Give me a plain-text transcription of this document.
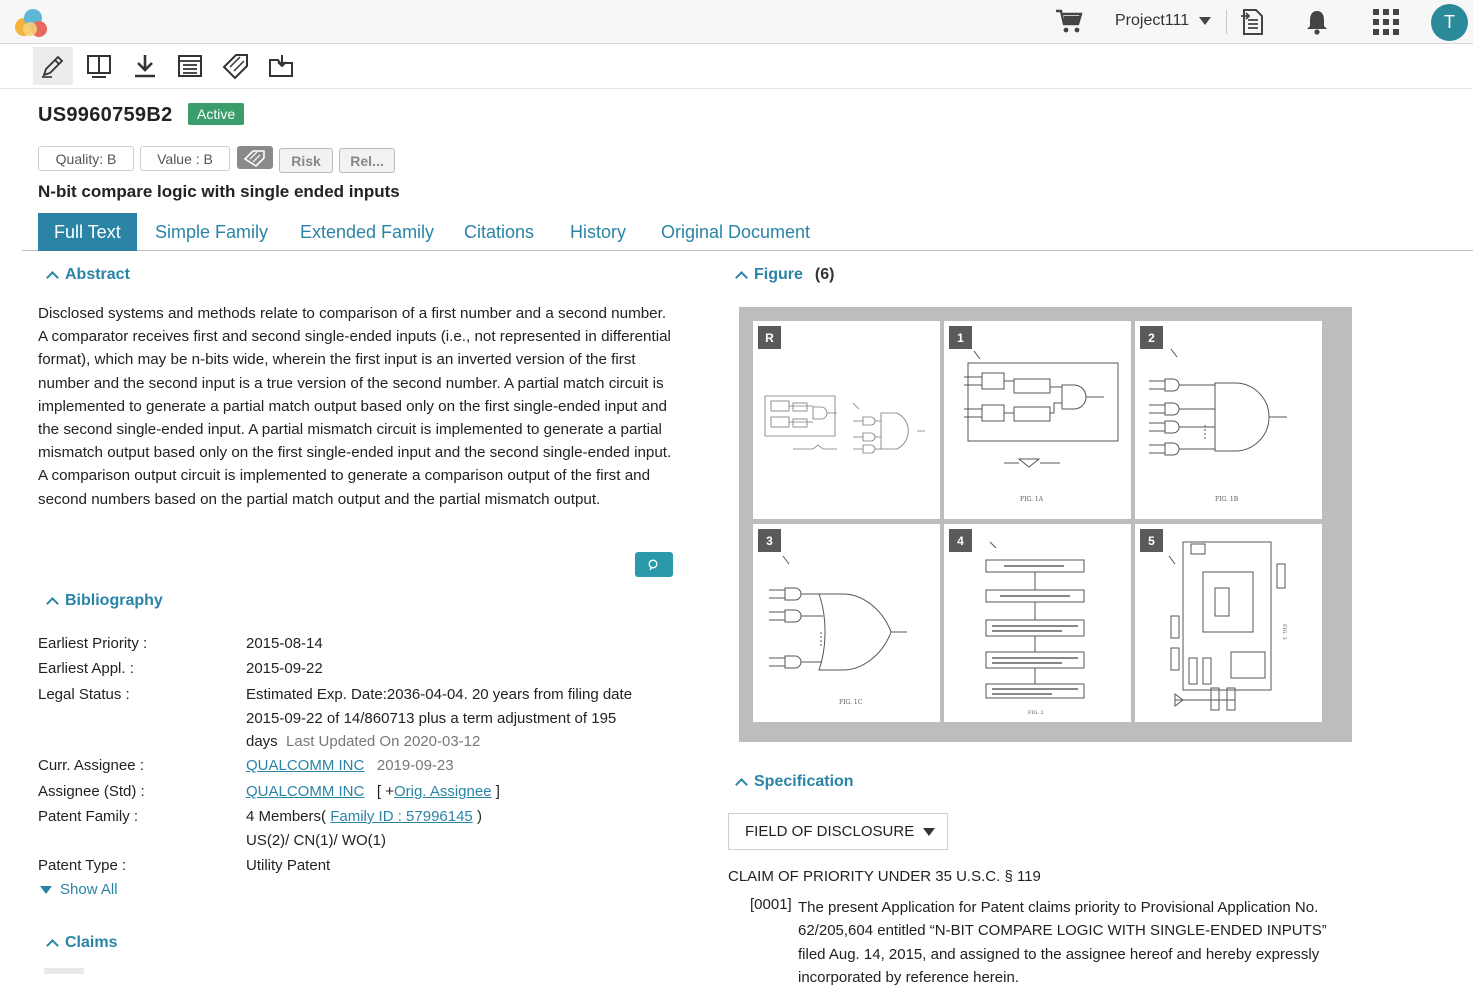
Project111	T
US9960759B2	Active
Quality: B	Value : B	Risk	Rel...
N-bit compare logic with single ended inputs
Full Text	Simple Family	Extended Family	Citations	History	Original Document
Abstract
Disclosed systems and methods relate to comparison of a first number and a second number. A comparator receives first and second single-ended inputs (i.e., not represented in differential format), which may be n-bits wide, wherein the first input is an inverted version of the first number and the second input is a true version of the second number. A partial match circuit is implemented to generate a partial match output based only on the first single-ended input and the second single-ended input. A partial mismatch circuit is implemented to generate a partial mismatch output based only on the first single-ended input and the second single-ended input. A comparison output circuit is implemented to generate a comparison output of the first and second numbers based on the partial match output and the partial mismatch output.
Bibliography
Earliest Priority :	2015-08-14
Earliest Appl. :	2015-09-22
Legal Status :	Estimated Exp. Date:2036-04-04. 20 years from filing date
2015-09-22 of 14/860713 plus a term adjustment of 195
days Last Updated On 2020-03-12
Curr. Assignee :	QUALCOMM INC 2019-09-23
Assignee (Std) :	QUALCOMM INC [ +Orig. Assignee ]
Patent Family :	4 Members( Family ID : 57996145 )
US(2)/ CN(1)/ WO(1)
Patent Type :	Utility Patent
Show All
Claims
Figure (6)
R
FIG. 1A
1
FIG. 1B
2
FIG. 1C
3
FIG. 2
4
FIG. 3
5
Specification
FIELD OF DISCLOSURE
CLAIM OF PRIORITY UNDER 35 U.S.C. § 119
[0001] The present Application for Patent claims priority to Provisional Application No. 62/205,604 entitled “N-BIT COMPARE LOGIC WITH SINGLE-ENDED INPUTS” filed Aug. 14, 2015, and assigned to the assignee hereof and hereby expressly incorporated by reference herein.
